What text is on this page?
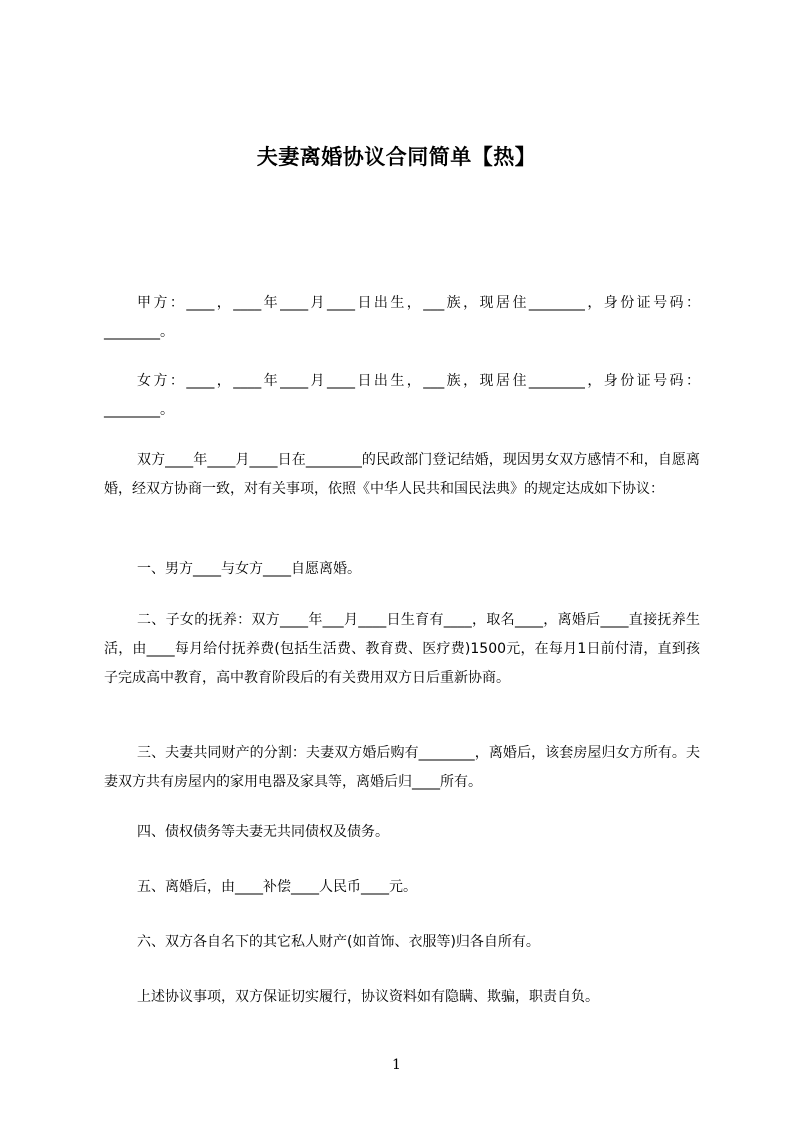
夫妻离婚协议合同简单【热】

甲方：____，____年____月____日出生，___族，现居住________，身份证号码：________。

女方：____，____年____月____日出生，___族，现居住________，身份证号码：________。

双方____年____月____日在________的民政部门登记结婚，现因男女双方感情不和，自愿离婚，经双方协商一致，对有关事项，依照《中华人民共和国民法典》的规定达成如下协议：

一、男方____与女方____自愿离婚。

二、子女的抚养：双方____年___月____日生育有____，取名____，离婚后____直接抚养生活，由____每月给付抚养费(包括生活费、教育费、医疗费)1500元，在每月1日前付清，直到孩子完成高中教育，高中教育阶段后的有关费用双方日后重新协商。

三、夫妻共同财产的分割：夫妻双方婚后购有________，离婚后，该套房屋归女方所有。夫妻双方共有房屋内的家用电器及家具等，离婚后归____所有。

四、债权债务等夫妻无共同债权及债务。

五、离婚后，由____补偿____人民币____元。

六、双方各自名下的其它私人财产(如首饰、衣服等)归各自所有。

上述协议事项，双方保证切实履行，协议资料如有隐瞒、欺骗，职责自负。

1
